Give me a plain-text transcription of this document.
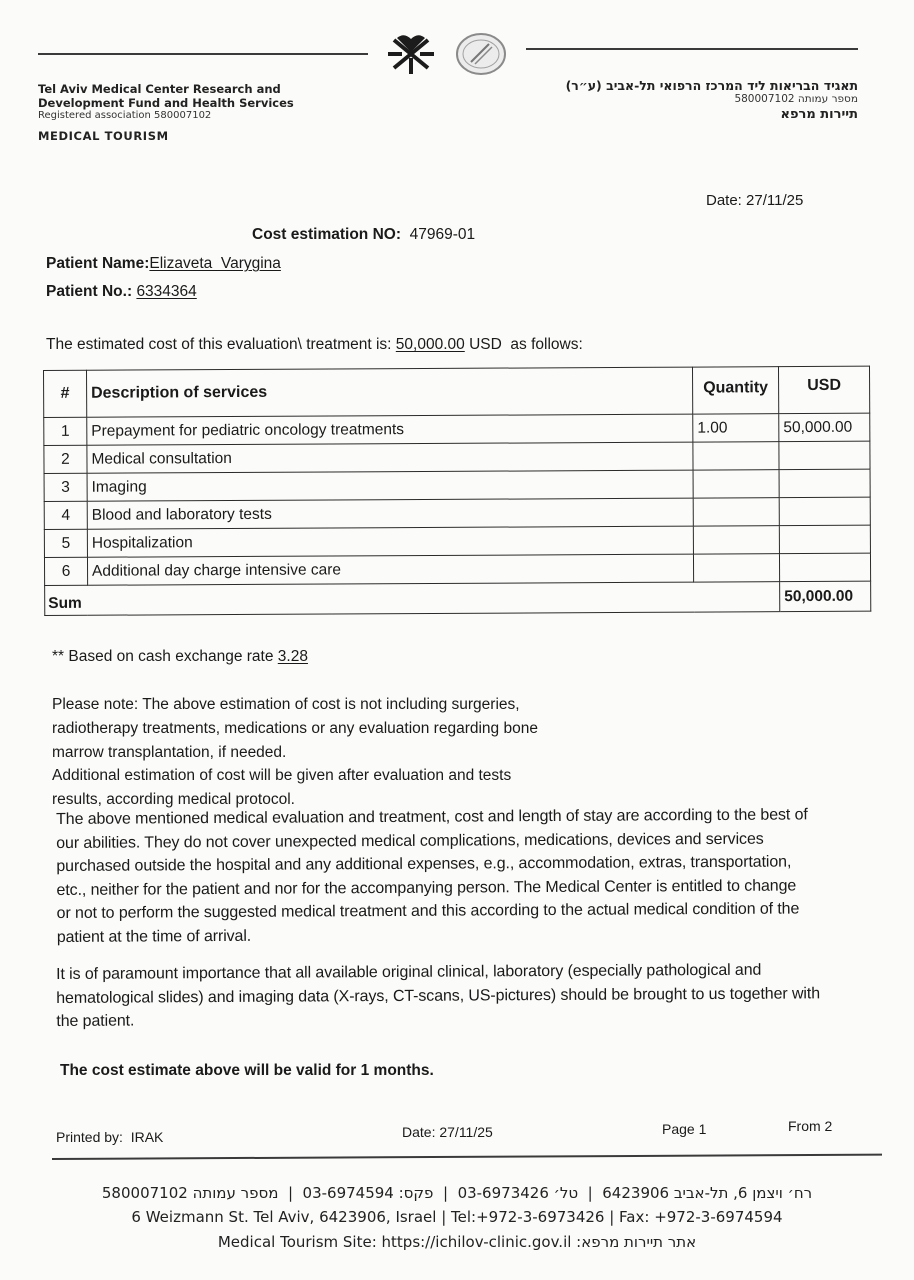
Tel Aviv Medical Center Research and
Development Fund and Health Services
Registered association 580007102
MEDICAL TOURISM
תאגיד הבריאות ליד המרכז הרפואי תל-אביב (ע״ר)
מספר עמותה 580007102
תיירות מרפא
Date: 27/11/25
Cost estimation NO: 47969-01
Patient Name:Elizaveta  Varygina
Patient No.: 6334364
The estimated cost of this evaluation\ treatment is: 50,000.00 USD  as follows:
#	Description of services	Quantity	USD
1	Prepayment for pediatric oncology treatments	1.00	50,000.00
2	Medical consultation		
3	Imaging		
4	Blood and laboratory tests		
5	Hospitalization		
6	Additional day charge intensive care		
Sum			50,000.00
** Based on cash exchange rate 3.28
Please note: The above estimation of cost is not including surgeries,
radiotherapy treatments, medications or any evaluation regarding bone
marrow transplantation, if needed.
Additional estimation of cost will be given after evaluation and tests
results, according medical protocol.
The above mentioned medical evaluation and treatment, cost and length of stay are according to the best of
our abilities. They do not cover unexpected medical complications, medications, devices and services
purchased outside the hospital and any additional expenses, e.g., accommodation, extras, transportation,
etc., neither for the patient and nor for the accompanying person. The Medical Center is entitled to change
or not to perform the suggested medical treatment and this according to the actual medical condition of the
patient at the time of arrival.
It is of paramount importance that all available original clinical, laboratory (especially pathological and
hematological slides) and imaging data (X-rays, CT-scans, US-pictures) should be brought to us together with
the patient.
The cost estimate above will be valid for 1 months.
Printed by:  IRAK	Date: 27/11/25	Page 1	From 2
רח׳ ויצמן 6, תל-אביב 6423906  |  טל׳ 03-6973426  |  פקס: 03-6974594  |  מספר עמותה 580007102
6 Weizmann St. Tel Aviv, 6423906, Israel | Tel:+972-3-6973426 | Fax: +972-3-6974594
Medical Tourism Site: https://ichilov-clinic.gov.il :אתר תיירות מרפא
